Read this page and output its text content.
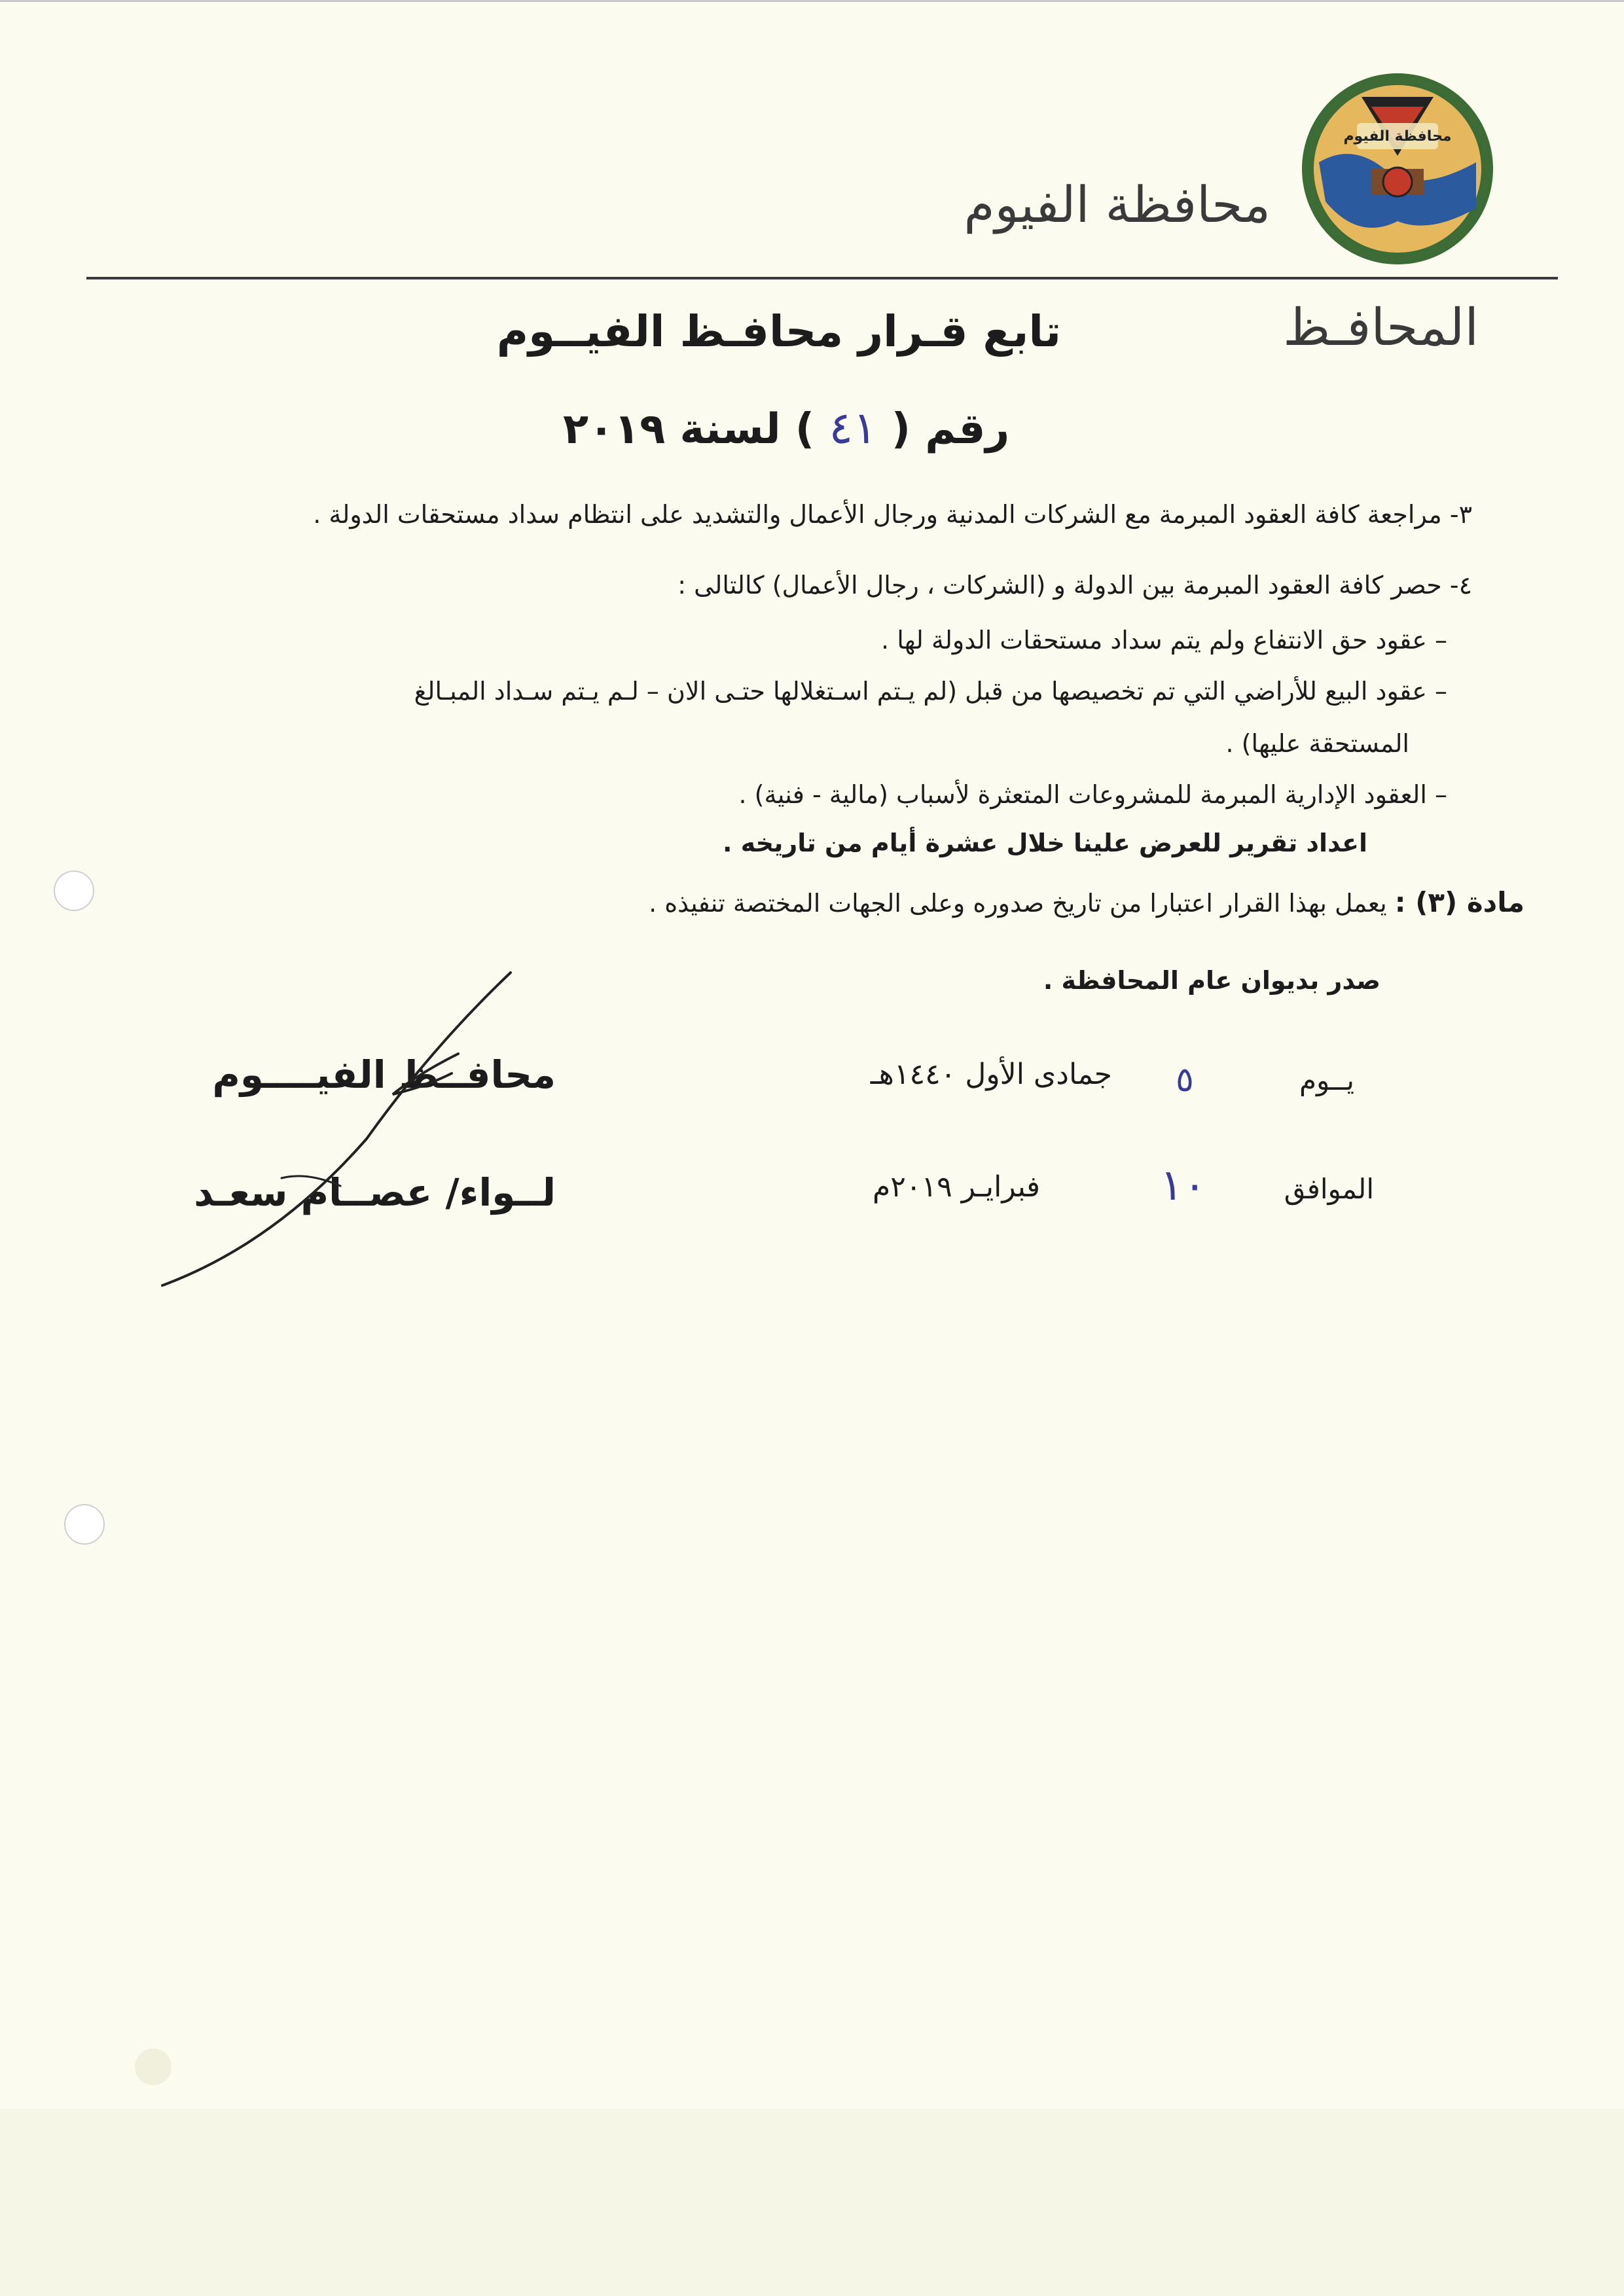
محافظة الفيوم
محافظة الفيوم
المحافـظ
تابع قـرار محافـظ الفيــوم
رقم ( ٤١ ) لسنة ٢٠١٩
٣- مراجعة كافة العقود المبرمة مع الشركات المدنية ورجال الأعمال والتشديد على انتظام سداد مستحقات الدولة .
٤- حصر كافة العقود المبرمة بين الدولة و (الشركات ، رجال الأعمال) كالتالى :
– عقود حق الانتفاع ولم يتم سداد مستحقات الدولة لها .
– عقود البيع للأراضي التي تم تخصيصها من قبل (لم يـتم اسـتغلالها حتـى الان – لـم يـتم سـداد المبـالغ
المستحقة عليها) .
– العقود الإدارية المبرمة للمشروعات المتعثرة لأسباب (مالية - فنية) .
اعداد تقرير للعرض علينا خلال عشرة أيام من تاريخه .
مادة (٣) : يعمل بهذا القرار اعتبارا من تاريخ صدوره وعلى الجهات المختصة تنفيذه .
صدر بديوان عام المحافظة .
محافــظ الفيــــوم
لــواء/ عصــام سعـد
يــوم
٥
جمادى الأول ١٤٤٠هـ
الموافق
١٠
فبرايـر ٢٠١٩م
